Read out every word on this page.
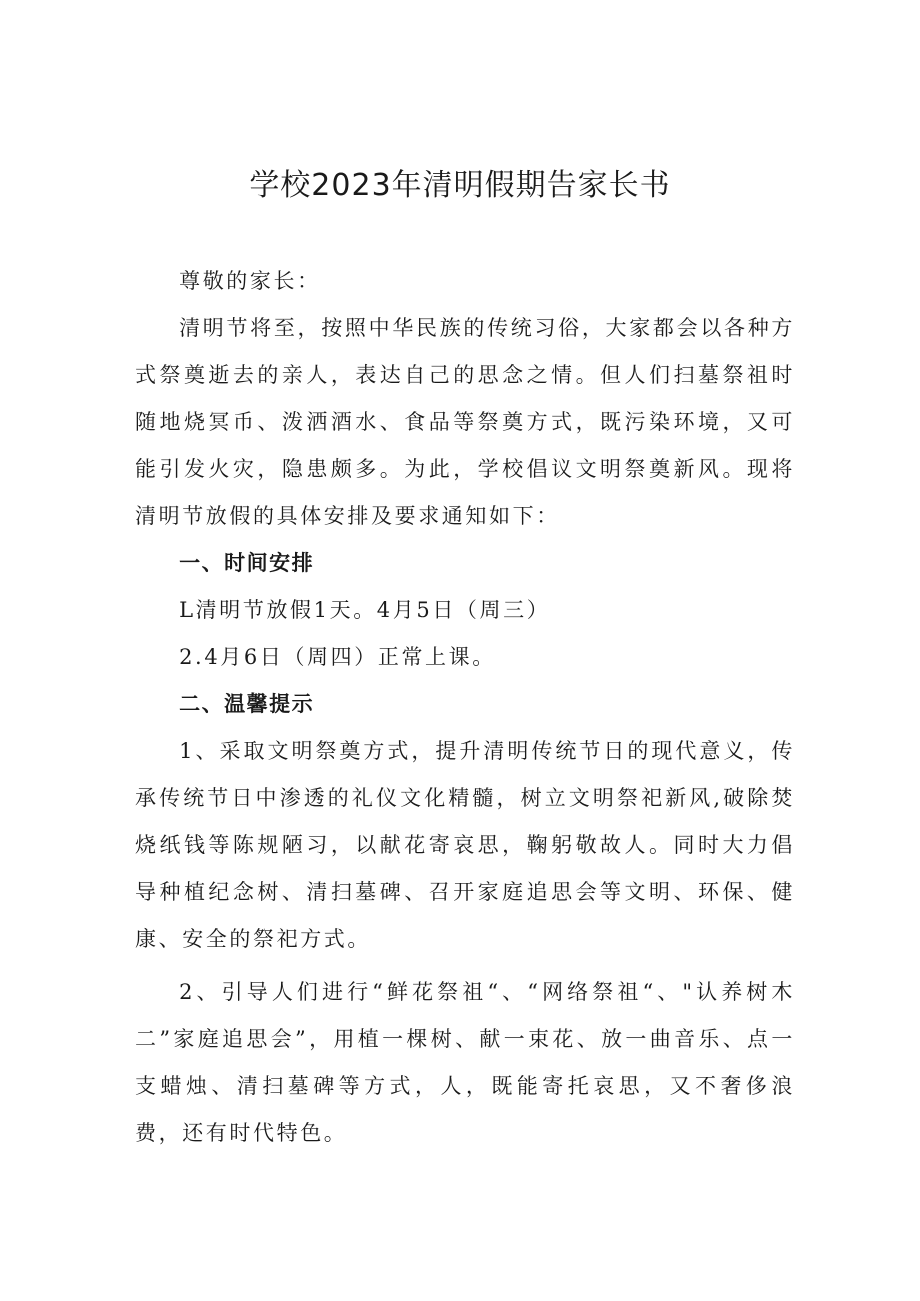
学校2023年清明假期告家长书

尊敬的家长：

清明节将至，按照中华民族的传统习俗，大家都会以各种方式祭奠逝去的亲人，表达自己的思念之情。但人们扫墓祭祖时随地烧冥币、泼洒酒水、食品等祭奠方式，既污染环境，又可能引发火灾，隐患颇多。为此，学校倡议文明祭奠新风。现将清明节放假的具体安排及要求通知如下：

一、时间安排

L清明节放假1天。4月5日（周三）

2.4月6日（周四）正常上课。

二、温馨提示

1、采取文明祭奠方式，提升清明传统节日的现代意义，传承传统节日中渗透的礼仪文化精髓，树立文明祭祀新风,破除焚烧纸钱等陈规陋习，以献花寄哀思，鞠躬敬故人。同时大力倡导种植纪念树、清扫墓碑、召开家庭追思会等文明、环保、健康、安全的祭祀方式。

2、引导人们进行“鲜花祭祖“、“网络祭祖“、"认养树木二”家庭追思会”，用植一棵树、献一束花、放一曲音乐、点一支蜡烛、清扫墓碑等方式，人，既能寄托哀思，又不奢侈浪费，还有时代特色。
